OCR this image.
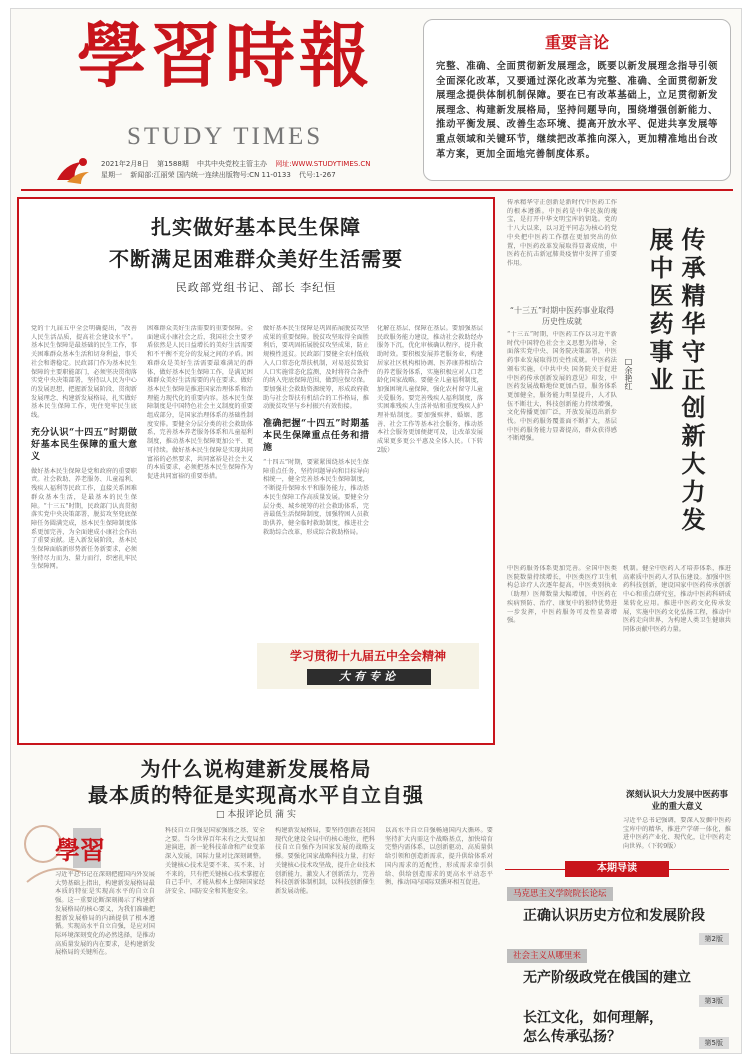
學習時報
STUDY TIMES
2021年2月8日 第1588期 中共中央党校主管主办 网址:WWW.STUDYTIMES.CN
星期一 新闻部:江丽荣 国内统一连续出版物号:CN 11-0133 代号:1-267
重要言论
完整、准确、全面贯彻新发展理念，既要以新发展理念指导引领全面深化改革，又要通过深化改革为完整、准确、全面贯彻新发展理念提供体制机制保障。要在已有改革基础上，立足贯彻新发展理念、构建新发展格局，坚持问题导向，围绕增强创新能力、推动平衡发展、改善生态环境、提高开放水平、促进共享发展等重点领域和关键环节，继续把改革推向深入，更加精准地出台改革方案，更加全面地完善制度体系。
扎实做好基本民生保障
不断满足困难群众美好生活需要
民政部党组书记、部长 李纪恒
党的十九届五中全会明确提出，“改善人民生活品质，提高社会建设水平”。基本民生保障是最基础的民生工作，事关困难群众基本生活和切身利益，事关社会和谐稳定。民政部门作为基本民生保障的主要职能部门，必须坚决贯彻落实党中央决策部署，坚持以人民为中心的发展思想，把握新发展阶段、贯彻新发展理念、构建新发展格局，扎实做好基本民生保障工作，兜住兜牢民生底线。
充分认识“十四五”时期做好基本民生保障的重大意义
做好基本民生保障是党和政府的重要职责。社会救助、养老服务、儿童福利、残疾人福利等民政工作，直接关系困难群众基本生活，是最基本的民生保障。“十三五”时期，民政部门认真贯彻落实党中央决策部署，脱贫攻坚兜底保障任务圆满完成，基本民生保障制度体系更加完善，为全面建成小康社会作出了重要贡献。进入新发展阶段，基本民生保障面临新形势新任务新要求，必须坚持尽力而为、量力而行，织密扎牢民生保障网。
困难群众美好生活需要的重要保障。全面建成小康社会之后，我国社会主要矛盾依然是人民日益增长的美好生活需要和不平衡不充分的发展之间的矛盾。困难群众是美好生活需要最难满足的群体，做好基本民生保障工作，是满足困难群众美好生活需要的内在要求。做好基本民生保障是推进国家治理体系和治理能力现代化的重要内容。基本民生保障制度是中国特色社会主义制度的重要组成部分，是国家治理体系的基础性制度安排。要健全分层分类的社会救助体系，完善基本养老服务体系和儿童福利制度，推动基本民生保障更加公平、更可持续。做好基本民生保障是实现共同富裕的必然要求，共同富裕是社会主义的本质要求，必须把基本民生保障作为促进共同富裕的重要举措。
做好基本民生保障是巩固拓展脱贫攻坚成果的重要保障。脱贫攻坚取得全面胜利后，要巩固拓展脱贫攻坚成果，防止规模性返贫。民政部门要健全农村低收入人口常态化帮扶机制，对易返贫致贫人口实施常态化监测，及时将符合条件的纳入兜底保障范围，做到应保尽保。要加强社会救助资源统筹，形成政府救助与社会帮扶有机结合的工作格局，推动脱贫攻坚与乡村振兴有效衔接。
准确把握“十四五”时期基本民生保障重点任务和措施
“十四五”时期，要紧紧围绕基本民生保障重点任务，坚持问题导向和目标导向相统一，健全完善基本民生保障制度，不断提升保障水平和服务能力，推动基本民生保障工作高质量发展。要健全分层分类、城乡统筹的社会救助体系，完善最低生活保障制度，加强特困人员救助供养，健全临时救助制度，推进社会救助综合改革，形成综合救助格局。
化解在基层、保障在基层。要加强基层民政服务能力建设，推动社会救助经办服务下沉，优化审核确认程序，提升救助时效。要积极发展养老服务业，构建居家社区机构相协调、医养康养相结合的养老服务体系，实施积极应对人口老龄化国家战略。要健全儿童福利制度，加强困境儿童保障，强化农村留守儿童关爱服务。要完善残疾人福利制度，落实困难残疾人生活补贴和重度残疾人护理补贴制度。要加强殡葬、婚姻、慈善、社会工作等基本社会服务，推动基本社会服务更加便捷可及，让改革发展成果更多更公平惠及全体人民。（下转2版）
学习贯彻十九届五中全会精神
大有专论
传承精华守正创新是新时代中医药工作的根本遵循。中医药是中华民族的瑰宝，是打开中华文明宝库的钥匙。党的十八大以来，以习近平同志为核心的党中央把中医药工作摆在更加突出的位置，中医药改革发展取得显著成绩，中医药在抗击新冠肺炎疫情中发挥了重要作用。
“十三五”时期中医药事业取得历史性成就
“十三五”时期，中医药工作以习近平新时代中国特色社会主义思想为指导，全面落实党中央、国务院决策部署，中医药事业发展取得历史性成就。中医药法颁布实施，《中共中央 国务院关于促进中医药传承创新发展的意见》印发，中医药发展战略地位更加凸显，服务体系更加健全，服务能力明显提升，人才队伍不断壮大，科技创新能力持续增强，文化传播更加广泛，开放发展迈出新步伐。中医药服务覆盖面不断扩大，基层中医药服务能力显著提高，群众获得感不断增强。
中医药服务体系更加完善。全国中医类医院数量持续增长，中医类医疗卫生机构总诊疗人次逐年提高，中医类别执业（助理）医师数量大幅增加，中医药在疾病预防、治疗、康复中的独特优势进一步发挥，中医药服务可及性显著增强。
传承精华守正创新大力发展中医药事业
□余艳红
机制。健全中医药人才培养体系，推进高素质中医药人才队伍建设。加强中医药科技创新，建设国家中医药传承创新中心和重点研究室，推动中医药科研成果转化应用。推进中医药文化传承发展，实施中医药文化弘扬工程，推动中医药走向世界，为构建人类卫生健康共同体贡献中医药力量。
深刻认识大力发展中医药事业的重大意义
习近平总书记强调，要深入发掘中医药宝库中的精华，推进产学研一体化，推进中医药产业化、现代化，让中医药走向世界。（下转9版）
为什么说构建新发展格局
最本质的特征是实现高水平自立自强
□ 本报评论员 蒲 实
學習
习近平总书记在深刻把握国内外发展大势基础上指出，构建新发展格局最本质的特征是实现高水平的自立自强。这一重要论断深刻揭示了构建新发展格局的核心要义，为我们准确把握新发展格局的内涵提供了根本遵循。实现高水平自立自强，是应对国际环境深刻变化的必然选择，是推动高质量发展的内在要求，是构建新发展格局的关键所在。
科技自立自强是国家强盛之基、安全之要。当今世界百年未有之大变局加速演进，新一轮科技革命和产业变革深入发展，国际力量对比深刻调整。关键核心技术是要不来、买不来、讨不来的，只有把关键核心技术掌握在自己手中，才能从根本上保障国家经济安全、国防安全和其他安全。
构建新发展格局，要坚持创新在我国现代化建设全局中的核心地位，把科技自立自强作为国家发展的战略支撑。要强化国家战略科技力量，打好关键核心技术攻坚战，提升企业技术创新能力，激发人才创新活力，完善科技创新体制机制，以科技创新催生新发展动能。
以高水平自立自强畅通国内大循环。要坚持扩大内需这个战略基点，加快培育完整内需体系，以创新驱动、高质量供给引领和创造新需求，提升供给体系对国内需求的适配性，形成需求牵引供给、供给创造需求的更高水平动态平衡，推动国内国际双循环相互促进。
本期导读
马克思主义学院院长论坛
正确认识历史方位和发展阶段
第2版
社会主义从哪里来
无产阶级政党在俄国的建立
第3版
长江文化，如何理解，
怎么传承弘扬？	第5版
